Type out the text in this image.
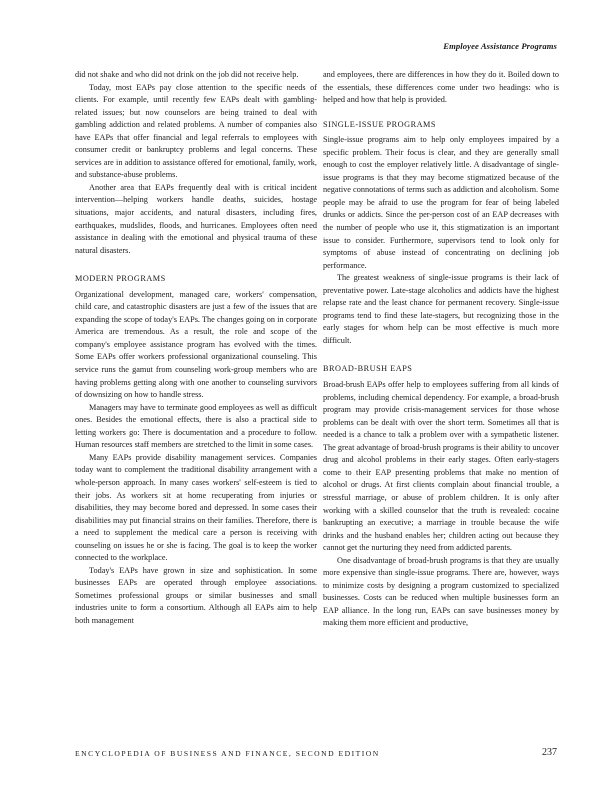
Employee Assistance Programs

did not shake and who did not drink on the job did not receive help.

Today, most EAPs pay close attention to the specific needs of clients. For example, until recently few EAPs dealt with gambling-related issues; but now counselors are being trained to deal with gambling addiction and related problems. A number of companies also have EAPs that offer financial and legal referrals to employees with consumer credit or bankruptcy problems and legal concerns. These services are in addition to assistance offered for emotional, family, work, and substance-abuse problems.

Another area that EAPs frequently deal with is critical incident intervention—helping workers handle deaths, suicides, hostage situations, major accidents, and natural disasters, including fires, earthquakes, mudslides, floods, and hurricanes. Employees often need assistance in dealing with the emotional and physical trauma of these natural disasters.

MODERN PROGRAMS

Organizational development, managed care, workers' compensation, child care, and catastrophic disasters are just a few of the issues that are expanding the scope of today's EAPs. The changes going on in corporate America are tremendous. As a result, the role and scope of the company's employee assistance program has evolved with the times. Some EAPs offer workers professional organizational counseling. This service runs the gamut from counseling work-group members who are having problems getting along with one another to counseling survivors of downsizing on how to handle stress.

Managers may have to terminate good employees as well as difficult ones. Besides the emotional effects, there is also a practical side to letting workers go: There is documentation and a procedure to follow. Human resources staff members are stretched to the limit in some cases.

Many EAPs provide disability management services. Companies today want to complement the traditional disability arrangement with a whole-person approach. In many cases workers' self-esteem is tied to their jobs. As workers sit at home recuperating from injuries or disabilities, they may become bored and depressed. In some cases their disabilities may put financial strains on their families. Therefore, there is a need to supplement the medical care a person is receiving with counseling on issues he or she is facing. The goal is to keep the worker connected to the workplace.

Today's EAPs have grown in size and sophistication. In some businesses EAPs are operated through employee associations. Sometimes professional groups or similar businesses and small industries unite to form a consortium. Although all EAPs aim to help both management

and employees, there are differences in how they do it. Boiled down to the essentials, these differences come under two headings: who is helped and how that help is provided.

SINGLE-ISSUE PROGRAMS

Single-issue programs aim to help only employees impaired by a specific problem. Their focus is clear, and they are generally small enough to cost the employer relatively little. A disadvantage of single-issue programs is that they may become stigmatized because of the negative connotations of terms such as addiction and alcoholism. Some people may be afraid to use the program for fear of being labeled drunks or addicts. Since the per-person cost of an EAP decreases with the number of people who use it, this stigmatization is an important issue to consider. Furthermore, supervisors tend to look only for symptoms of abuse instead of concentrating on declining job performance.

The greatest weakness of single-issue programs is their lack of preventative power. Late-stage alcoholics and addicts have the highest relapse rate and the least chance for permanent recovery. Single-issue programs tend to find these late-stagers, but recognizing those in the early stages for whom help can be most effective is much more difficult.

BROAD-BRUSH EAPS

Broad-brush EAPs offer help to employees suffering from all kinds of problems, including chemical dependency. For example, a broad-brush program may provide crisis-management services for those whose problems can be dealt with over the short term. Sometimes all that is needed is a chance to talk a problem over with a sympathetic listener. The great advantage of broad-brush programs is their ability to uncover drug and alcohol problems in their early stages. Often early-stagers come to their EAP presenting problems that make no mention of alcohol or drugs. At first clients complain about financial trouble, a stressful marriage, or abuse of problem children. It is only after working with a skilled counselor that the truth is revealed: cocaine bankrupting an executive; a marriage in trouble because the wife drinks and the husband enables her; children acting out because they cannot get the nurturing they need from addicted parents.

One disadvantage of broad-brush programs is that they are usually more expensive than single-issue programs. There are, however, ways to minimize costs by designing a program customized to specialized businesses. Costs can be reduced when multiple businesses form an EAP alliance. In the long run, EAPs can save businesses money by making them more efficient and productive,

ENCYCLOPEDIA OF BUSINESS AND FINANCE, SECOND EDITION	237
